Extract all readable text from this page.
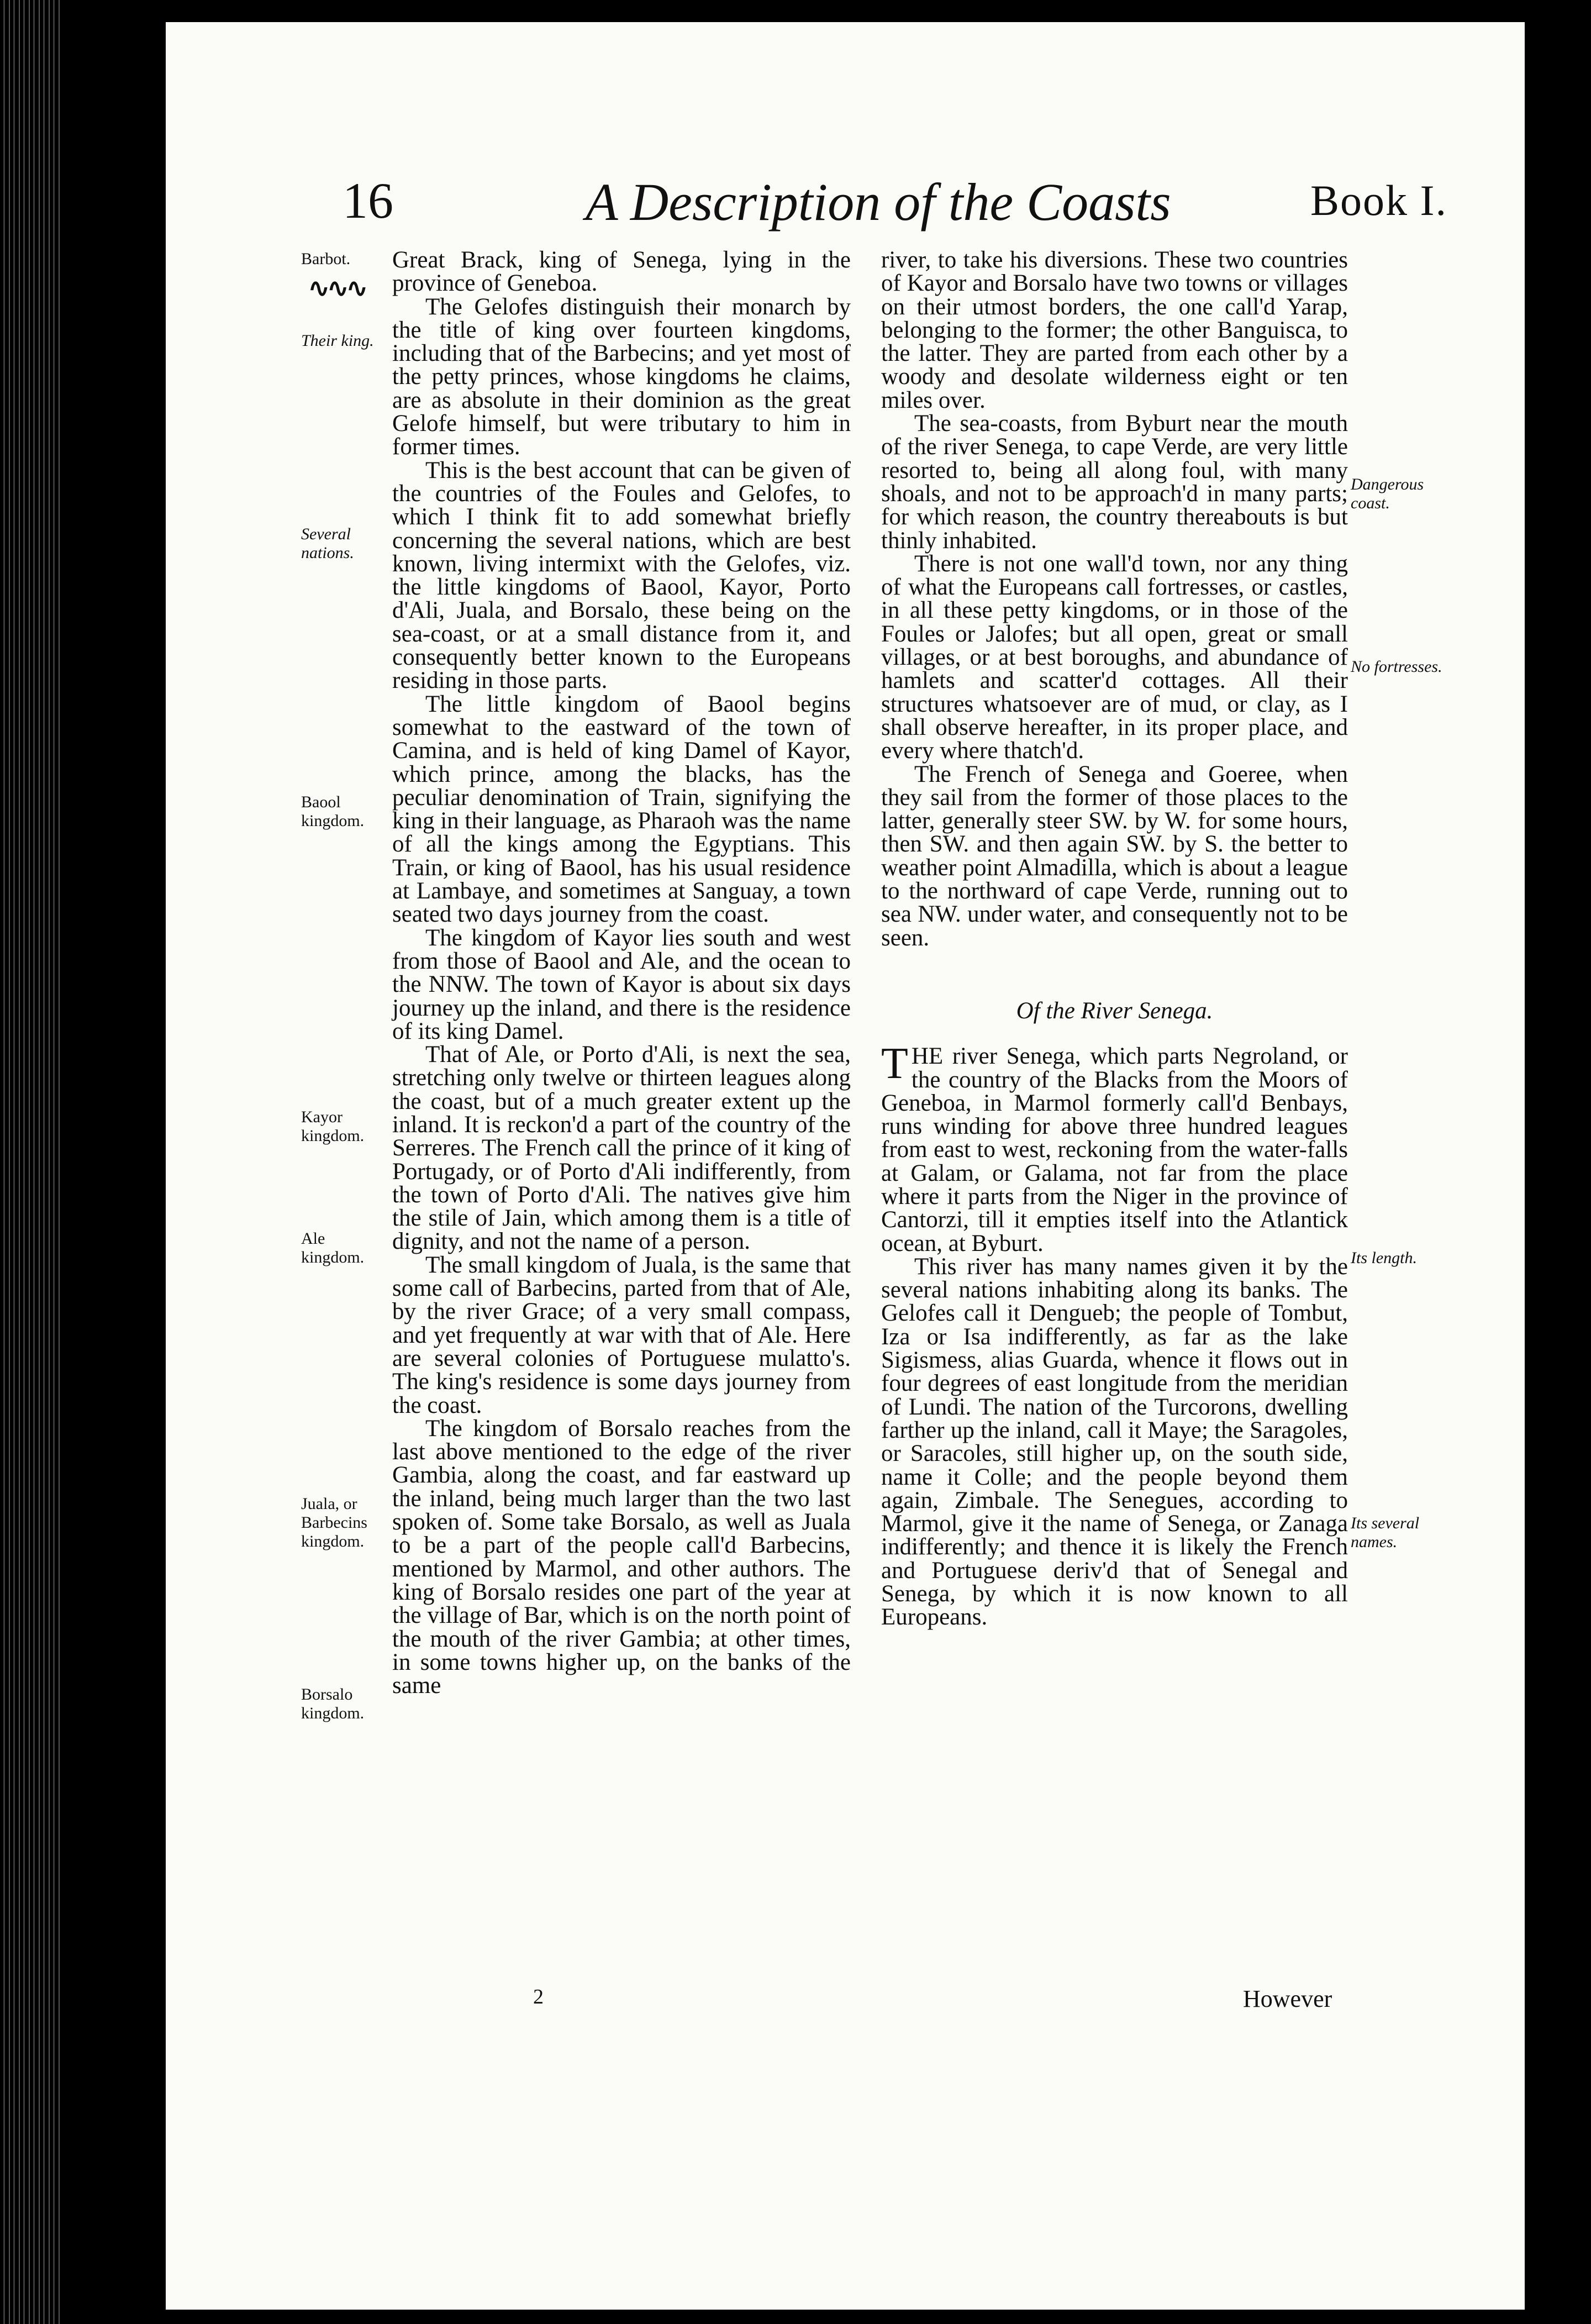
16	A Description of the Coasts	Book I.
∿∿∿
Barbot.
Their king.
Several nations.
Baool kingdom.
Kayor kingdom.
Ale kingdom.
Juala, or Barbecins kingdom.
Borsalo kingdom.
Dangerous coast.
No fortresses.
Its length.
Its several names.

Great Brack, king of Senega, lying in the province of Geneboa.

The Gelofes distinguish their monarch by the title of king over fourteen kingdoms, including that of the Barbecins; and yet most of the petty princes, whose kingdoms he claims, are as absolute in their dominion as the great Gelofe himself, but were tributary to him in former times.

This is the best account that can be given of the countries of the Foules and Gelofes, to which I think fit to add somewhat briefly concerning the several nations, which are best known, living intermixt with the Gelofes, viz. the little kingdoms of Baool, Kayor, Porto d'Ali, Juala, and Borsalo, these being on the sea-coast, or at a small distance from it, and consequently better known to the Europeans residing in those parts.

The little kingdom of Baool begins somewhat to the eastward of the town of Camina, and is held of king Damel of Kayor, which prince, among the blacks, has the peculiar denomination of Train, signifying the king in their language, as Pharaoh was the name of all the kings among the Egyptians. This Train, or king of Baool, has his usual residence at Lambaye, and sometimes at Sanguay, a town seated two days journey from the coast.

The kingdom of Kayor lies south and west from those of Baool and Ale, and the ocean to the NNW. The town of Kayor is about six days journey up the inland, and there is the residence of its king Damel.

That of Ale, or Porto d'Ali, is next the sea, stretching only twelve or thirteen leagues along the coast, but of a much greater extent up the inland. It is reckon'd a part of the country of the Serreres. The French call the prince of it king of Portugady, or of Porto d'Ali indifferently, from the town of Porto d'Ali. The natives give him the stile of Jain, which among them is a title of dignity, and not the name of a person.

The small kingdom of Juala, is the same that some call of Barbecins, parted from that of Ale, by the river Grace; of a very small compass, and yet frequently at war with that of Ale. Here are several colonies of Portuguese mulatto's. The king's residence is some days journey from the coast.

The kingdom of Borsalo reaches from the last above mentioned to the edge of the river Gambia, along the coast, and far eastward up the inland, being much larger than the two last spoken of. Some take Borsalo, as well as Juala to be a part of the people call'd Barbecins, mentioned by Marmol, and other authors. The king of Borsalo resides one part of the year at the village of Bar, which is on the north point of the mouth of the river Gambia; at other times, in some towns higher up, on the banks of the same

river, to take his diversions. These two countries of Kayor and Borsalo have two towns or villages on their utmost borders, the one call'd Yarap, belonging to the former; the other Banguisca, to the latter. They are parted from each other by a woody and desolate wilderness eight or ten miles over.

The sea-coasts, from Byburt near the mouth of the river Senega, to cape Verde, are very little resorted to, being all along foul, with many shoals, and not to be approach'd in many parts; for which reason, the country thereabouts is but thinly inhabited.

There is not one wall'd town, nor any thing of what the Europeans call fortresses, or castles, in all these petty kingdoms, or in those of the Foules or Jalofes; but all open, great or small villages, or at best boroughs, and abundance of hamlets and scatter'd cottages. All their structures whatsoever are of mud, or clay, as I shall observe hereafter, in its proper place, and every where thatch'd.

The French of Senega and Goeree, when they sail from the former of those places to the latter, generally steer SW. by W. for some hours, then SW. and then again SW. by S. the better to weather point Almadilla, which is about a league to the northward of cape Verde, running out to sea NW. under water, and consequently not to be seen.

Of the River Senega.

THE river Senega, which parts Negroland, or the country of the Blacks from the Moors of Geneboa, in Marmol formerly call'd Benbays, runs winding for above three hundred leagues from east to west, reckoning from the water-falls at Galam, or Galama, not far from the place where it parts from the Niger in the province of Cantorzi, till it empties itself into the Atlantick ocean, at Byburt.

This river has many names given it by the several nations inhabiting along its banks. The Gelofes call it Dengueb; the people of Tombut, Iza or Isa indifferently, as far as the lake Sigismess, alias Guarda, whence it flows out in four degrees of east longitude from the meridian of Lundi. The nation of the Turcorons, dwelling farther up the inland, call it Maye; the Saragoles, or Saracoles, still higher up, on the south side, name it Colle; and the people beyond them again, Zimbale. The Senegues, according to Marmol, give it the name of Senega, or Zanaga indifferently; and thence it is likely the French and Portuguese deriv'd that of Senegal and Senega, by which it is now known to all Europeans.

2	However
